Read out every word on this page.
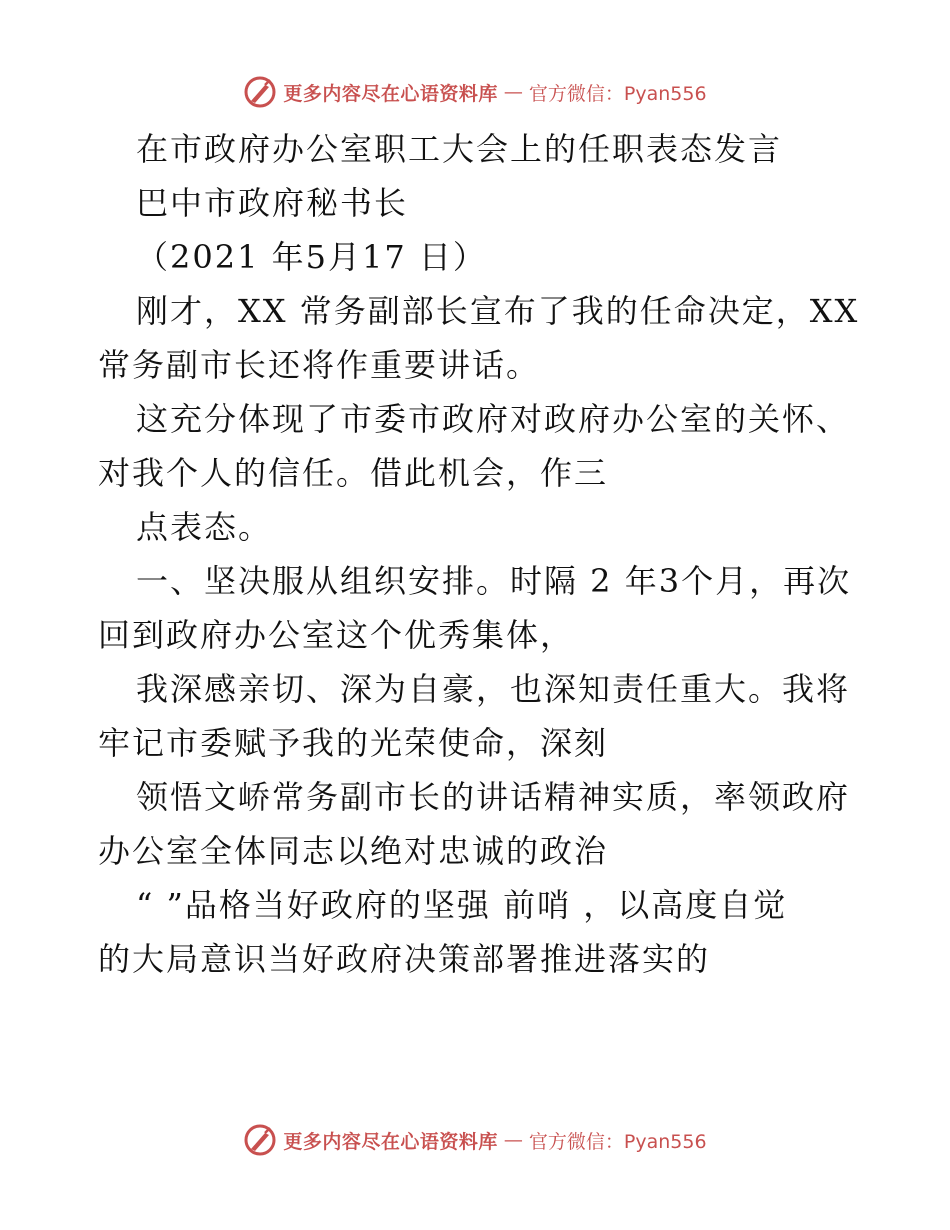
更多内容尽在心语资料库 — 官方微信：Pyan556
在市政府办公室职工大会上的任职表态发言
巴中市政府秘书长
（2021 年5月17 日）
刚才，XX 常务副部长宣布了我的任命决定，XX
常务副市长还将作重要讲话。
这充分体现了市委市政府对政府办公室的关怀、
对我个人的信任。借此机会，作三
点表态。
一、坚决服从组织安排。时隔 2 年3个月，再次
回到政府办公室这个优秀集体，
我深感亲切、深为自豪，也深知责任重大。我将
牢记市委赋予我的光荣使命，深刻
领悟文峤常务副市长的讲话精神实质，率领政府
办公室全体同志以绝对忠诚的政治
“ ”品格当好政府的坚强 前哨 ，以高度自觉
的大局意识当好政府决策部署推进落实的
更多内容尽在心语资料库 — 官方微信：Pyan556
